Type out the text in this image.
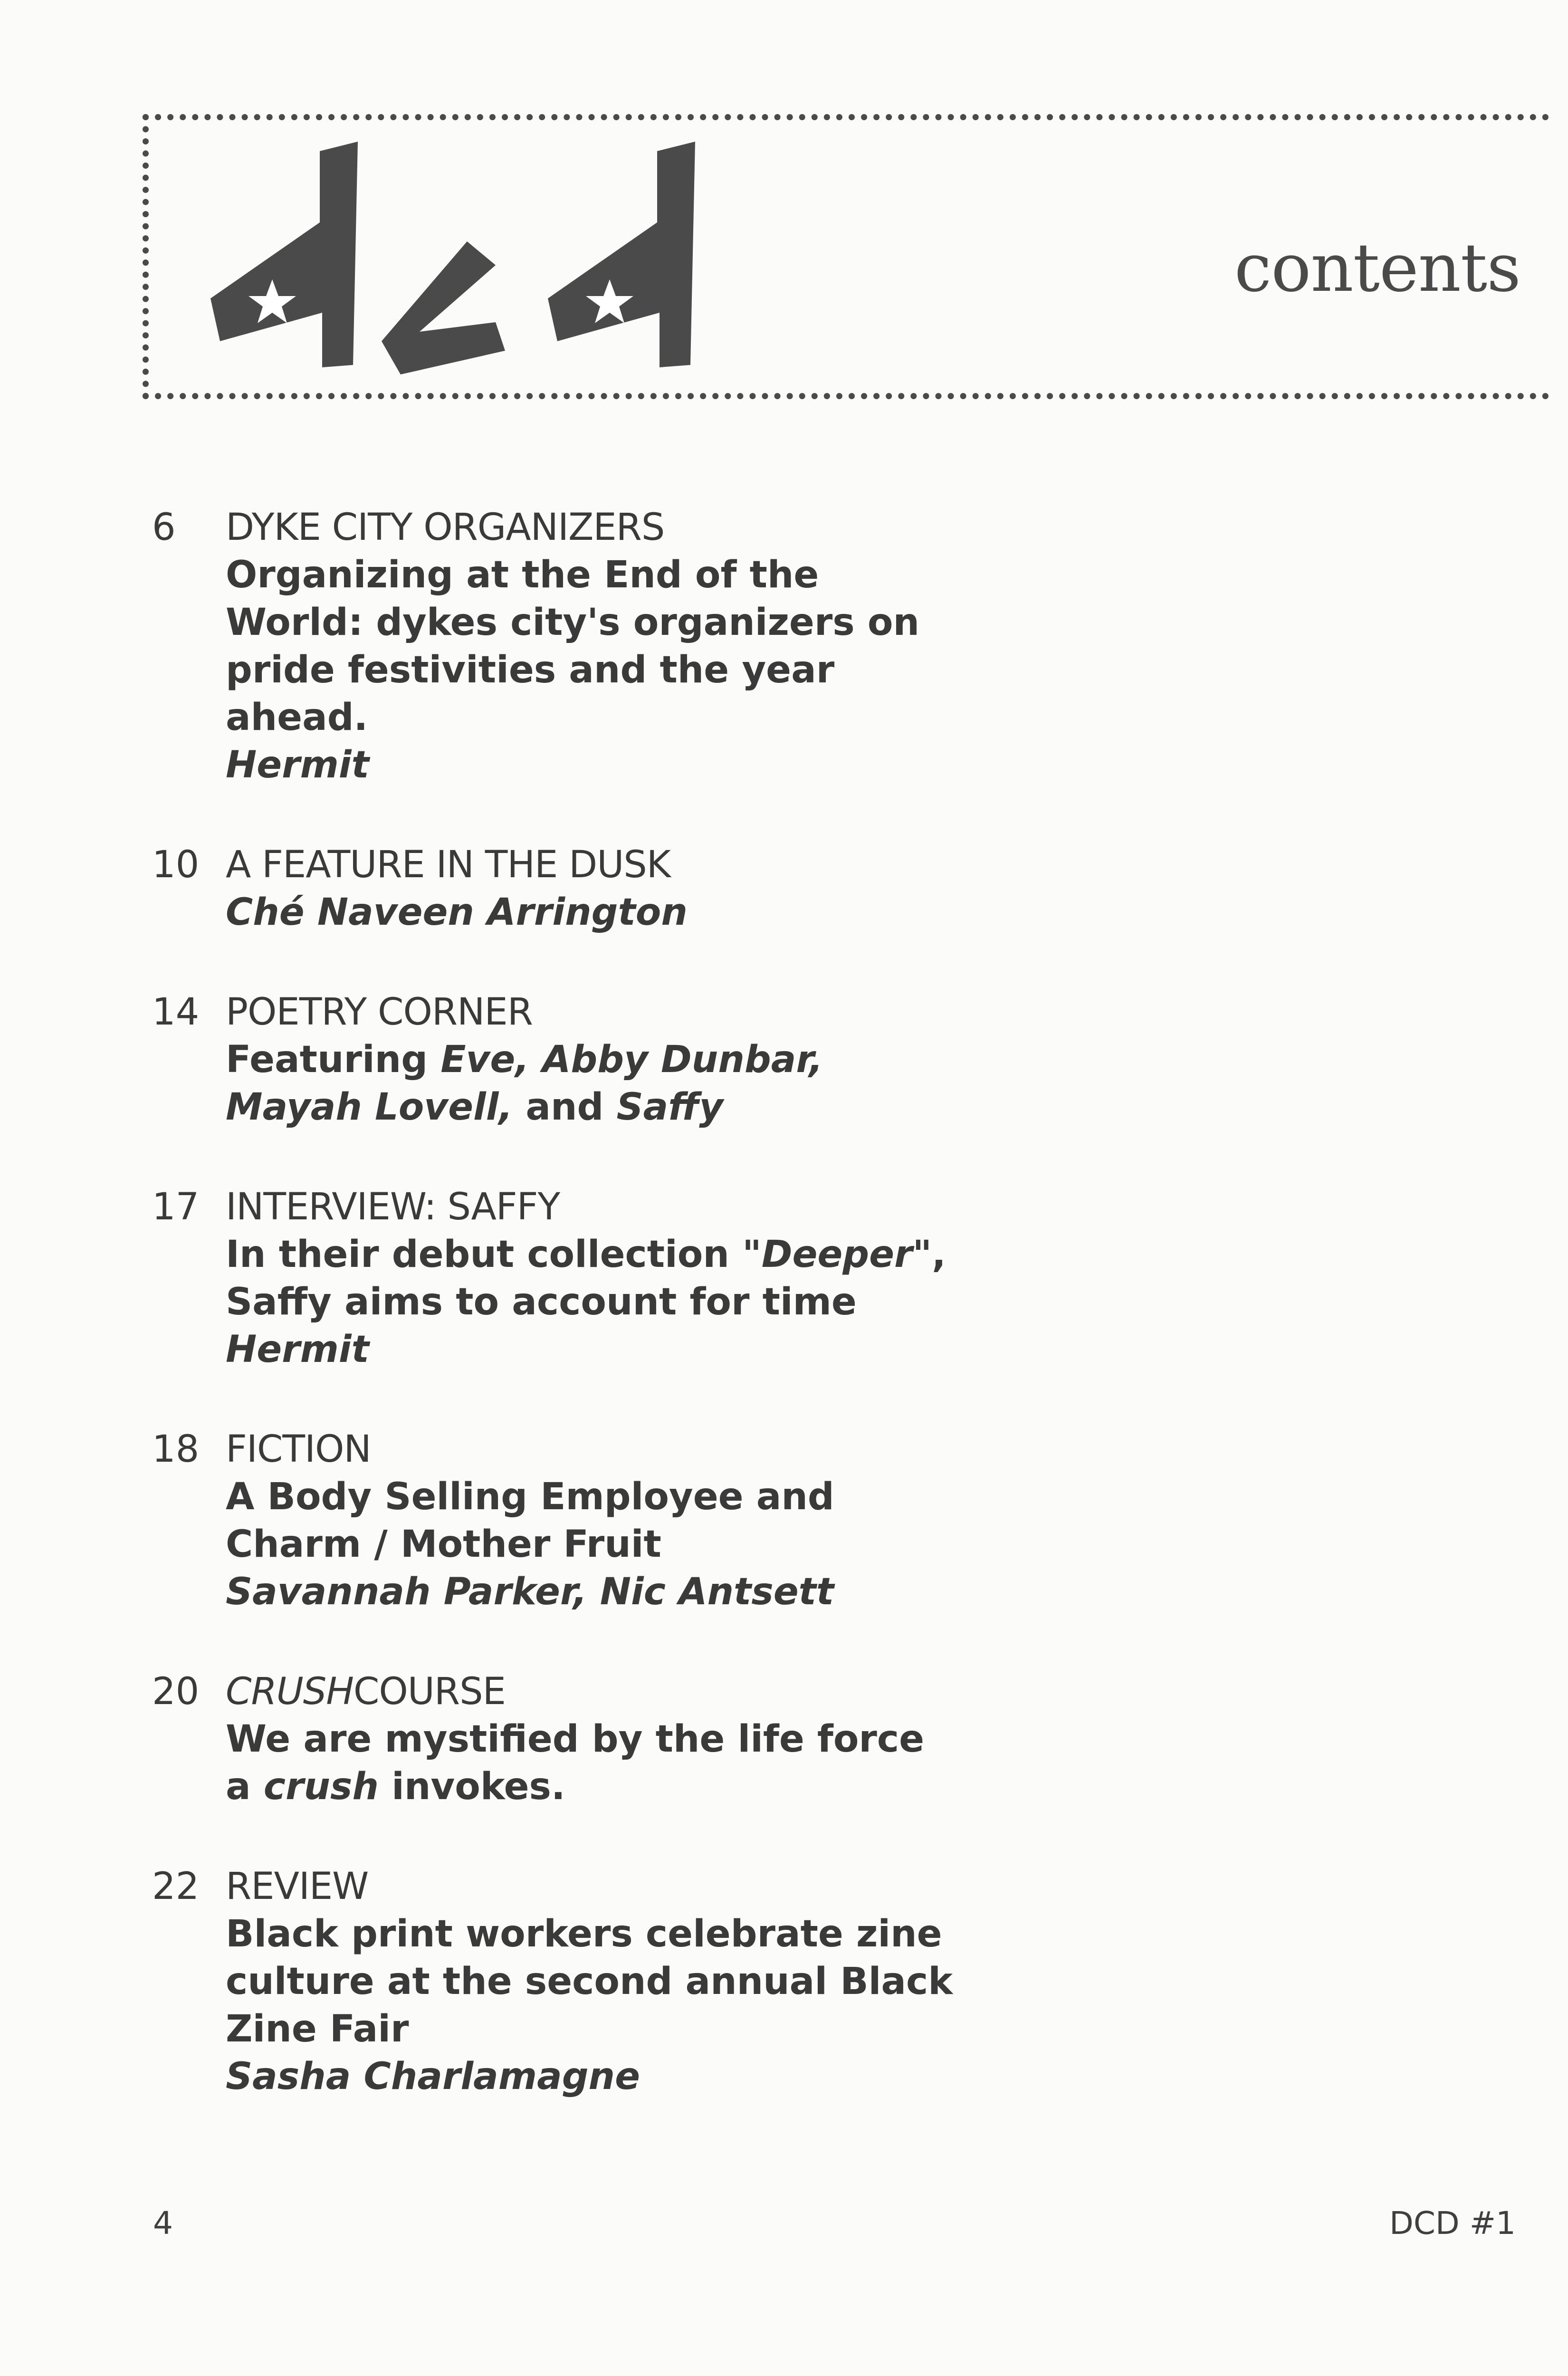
contents
6	DYKE CITY ORGANIZERS
Organizing at the End of the World: dykes city's organizers on pride festivities and the year ahead.
Hermit
10 A FEATURE IN THE DUSK
Ché Naveen Arrington
14 POETRY CORNER
Featuring Eve, Abby Dunbar, Mayah Lovell, and Saffy
17 INTERVIEW: SAFFY
In their debut collection "Deeper", Saffy aims to account for time
Hermit
18 FICTION
A Body Selling Employee and Charm / Mother Fruit
Savannah Parker, Nic Antsett
20 CRUSHCOURSE
We are mystified by the life force a crush invokes.
22 REVIEW
Black print workers celebrate zine culture at the second annual Black Zine Fair
Sasha Charlamagne
4	DCD #1
